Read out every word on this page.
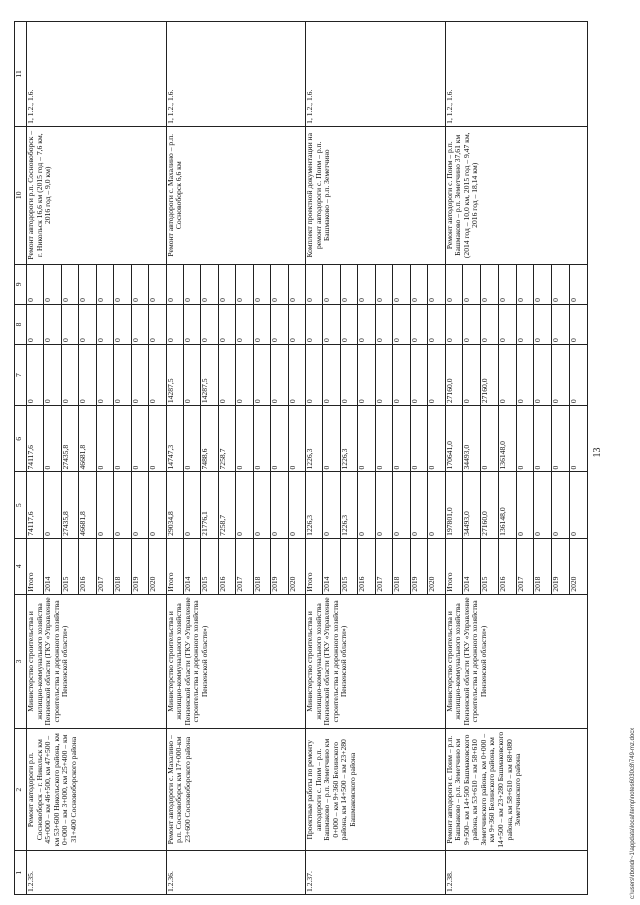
1	2	3	4	5	6	7	8	9	10	11
1.2.35.	Ремонт автодороги р.п. Сосновоборск – г. Никольск км 45+000 – км 46+500, км 47+500 – км 53+600 Никольского района, км 0+000 – км 3+000, км 25+400 – км 31+400 Сосновоборского района	Министерство строительства и жилищно-коммунального хозяйства Пензенской области (ГКУ «Управление строительства и дорожного хозяйства Пензенской области»)	Итого	74117,6	74117,6	0	0	0	Ремонт автодороги р.п. Сосновоборск – г. Никольск 16,6 км (2015 год – 7,6 км, 2016 год – 9,0 км)	1, 1.2., 1.6.
			2014	0	0	0	0	0		
			2015	27435,8	27435,8	0	0	0		
			2016	46681,8	46681,8	0	0	0		
			2017	0	0	0	0	0		
			2018	0	0	0	0	0		
			2019	0	0	0	0	0		
			2020	0	0	0	0	0		
1.2.36.	Ремонт автодороги с. Махалино – р.п. Сосновоборск км 17+000-км 23+600 Сосновоборского района	Министерство строительства и жилищно-коммунального хозяйства Пензенской области (ГКУ «Управление строительства и дорожного хозяйства Пензенской области»)	Итого	29034,8	14747,3	14287,5	0	0	Ремонт автодороги с. Махалино – р.п. Сосновоборск 6,6 км	1, 1.2., 1.6.
			2014	0	0	0	0	0		
			2015	21776,1	7488,6	14287,5	0	0		
			2016	7258,7	7258,7	0	0	0		
			2017	0	0	0	0	0		
			2018	0	0	0	0	0		
			2019	0	0	0	0	0		
			2020	0	0	0	0	0		
1.2.37.	Проектные работы по ремонту автодороги с. Поим – р.п. Башмаково – р.п. Земетчино км 0+000 – км 9+360 Белинского района, км 14+500 – км 23+280 Башмаковского района	Министерство строительства и жилищно-коммунального хозяйства Пензенской области (ГКУ «Управление строительства и дорожного хозяйства Пензенской области»)	Итого	1226,3	1226,3	0	0	0	Комплект проектной документации на ремонт автодороги с. Поим – р.п. Башмаково – р.п. Земетчино	1, 1.2., 1.6.
			2014	0	0	0	0	0		
			2015	1226,3	1226,3	0	0	0		
			2016	0	0	0	0	0		
			2017	0	0	0	0	0		
			2018	0	0	0	0	0		
			2019	0	0	0	0	0		
			2020	0	0	0	0	0		
1.2.38.	Ремонт автодороги с. Поим – р.п. Башмаково – р.п. Земетчино км 9+500– км 14+500 Башмаковского района, км 53+610 – км 58+610 Земетчинского района, км 0+000 – км 9+360 Белинского района, км 14+500 – км 23+280 Башмаковского района, км 58+610 – км 68+080 Земетчинского района	Министерство строительства и жилищно-коммунального хозяйства Пензенской области (ГКУ «Управление строительства и дорожного хозяйства Пензенской области»)	Итого	197801,0	170641,0	27160,0	0	0	Ремонт автодороги с. Поим – р.п. Башмаково – р.п. Земетчино 37,61 км (2014 год – 10,0 км, 2015 год – 9,47 км, 2016 год – 18,14 км)	1, 1.2., 1.6.
			2014	34493,0	34493,0	0	0	0		
			2015	27160,0	0	27160,0	0	0		
			2016	136148,0	136148,0	0	0	0		
			2017	0	0	0	0	0		
			2018	0	0	0	0	0		
			2019	0	0	0	0	0		
			2020	0	0	0	0	0		
13
c:\users\rbondr~1\appdata\local\temp\notes6030c8\749-mz.docx
